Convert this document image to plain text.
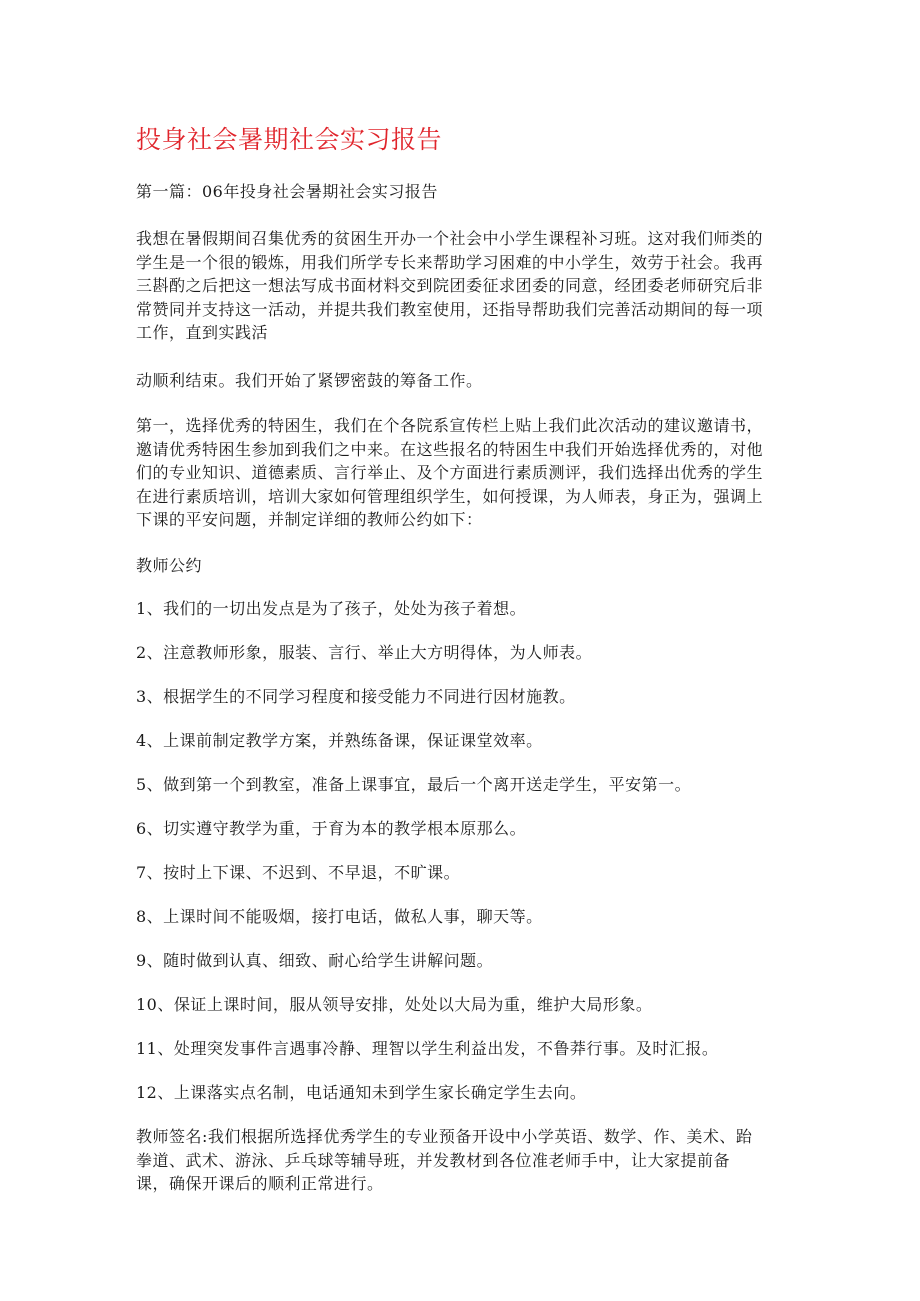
投身社会暑期社会实习报告

第一篇：06年投身社会暑期社会实习报告

我想在暑假期间召集优秀的贫困生开办一个社会中小学生课程补习班。这对我们师类的
学生是一个很的锻炼，用我们所学专长来帮助学习困难的中小学生，效劳于社会。我再
三斟酌之后把这一想法写成书面材料交到院团委征求团委的同意，经团委老师研究后非
常赞同并支持这一活动，并提共我们教室使用，还指导帮助我们完善活动期间的每一项
工作，直到实践活

动顺利结束。我们开始了紧锣密鼓的筹备工作。

第一，选择优秀的特困生，我们在个各院系宣传栏上贴上我们此次活动的建议邀请书，
邀请优秀特困生参加到我们之中来。在这些报名的特困生中我们开始选择优秀的，对他
们的专业知识、道德素质、言行举止、及个方面进行素质测评，我们选择出优秀的学生
在进行素质培训，培训大家如何管理组织学生，如何授课，为人师表，身正为，强调上
下课的平安问题，并制定详细的教师公约如下：

教师公约

1、我们的一切出发点是为了孩子，处处为孩子着想。

2、注意教师形象，服装、言行、举止大方明得体，为人师表。

3、根据学生的不同学习程度和接受能力不同进行因材施教。

4、上课前制定教学方案，并熟练备课，保证课堂效率。

5、做到第一个到教室，准备上课事宜，最后一个离开送走学生，平安第一。

6、切实遵守教学为重，于育为本的教学根本原那么。

7、按时上下课、不迟到、不早退，不旷课。

8、上课时间不能吸烟，接打电话，做私人事，聊天等。

9、随时做到认真、细致、耐心给学生讲解问题。

10、保证上课时间，服从领导安排，处处以大局为重，维护大局形象。

11、处理突发事件言遇事冷静、理智以学生利益出发，不鲁莽行事。及时汇报。

12、上课落实点名制，电话通知未到学生家长确定学生去向。

教师签名:我们根据所选择优秀学生的专业预备开设中小学英语、数学、作、美术、跆
拳道、武术、游泳、乒乓球等辅导班，并发教材到各位准老师手中，让大家提前备
课，确保开课后的顺利正常进行。
